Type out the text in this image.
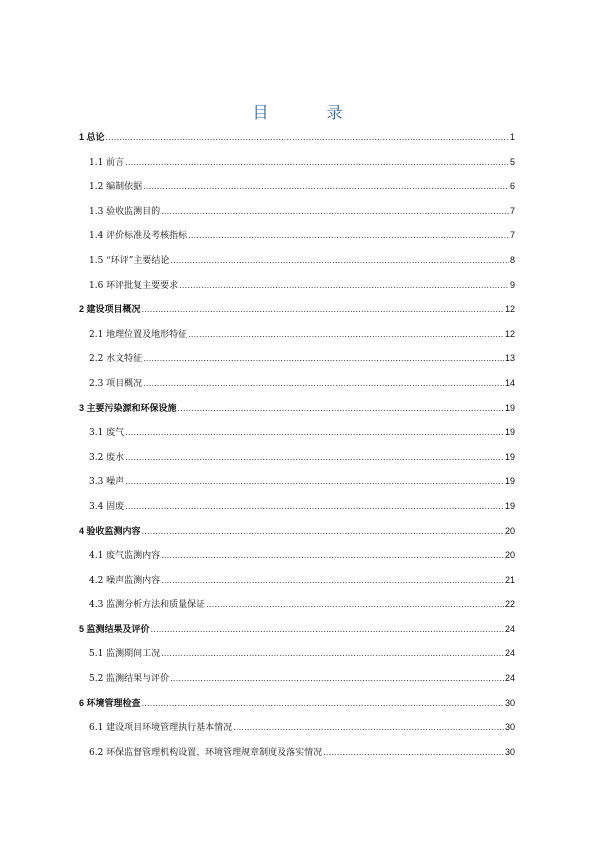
目	录
1 总论 .....	1
1.1 前言 .....	5
1.2 编制依据 .....	6
1.3 验收监测目的 .....	7
1.4 评价标准及考核指标 .....	7
1.5 “环评”主要结论 .....	8
1.6 环评批复主要要求 .....	9
2 建设项目概况 .....	12
2.1 地理位置及地形特征 .....	12
2.2 水文特征 .....	13
2.3 项目概况 .....	14
3 主要污染源和环保设施 .....	19
3.1 废气 .....	19
3.2 废水 .....	19
3.3 噪声 .....	19
3.4 固废 .....	19
4 验收监测内容 .....	20
4.1 废气监测内容 .....	20
4.2 噪声监测内容 .....	21
4.3 监测分析方法和质量保证 .....	22
5 监测结果及评价 .....	24
5.1 监测期间工况 .....	24
5.2 监测结果与评价 .....	24
6 环境管理检查 .....	30
6.1 建设项目环境管理执行基本情况 .....	30
6.2 环保监督管理机构设置、环境管理规章制度及落实情况 .....	30
